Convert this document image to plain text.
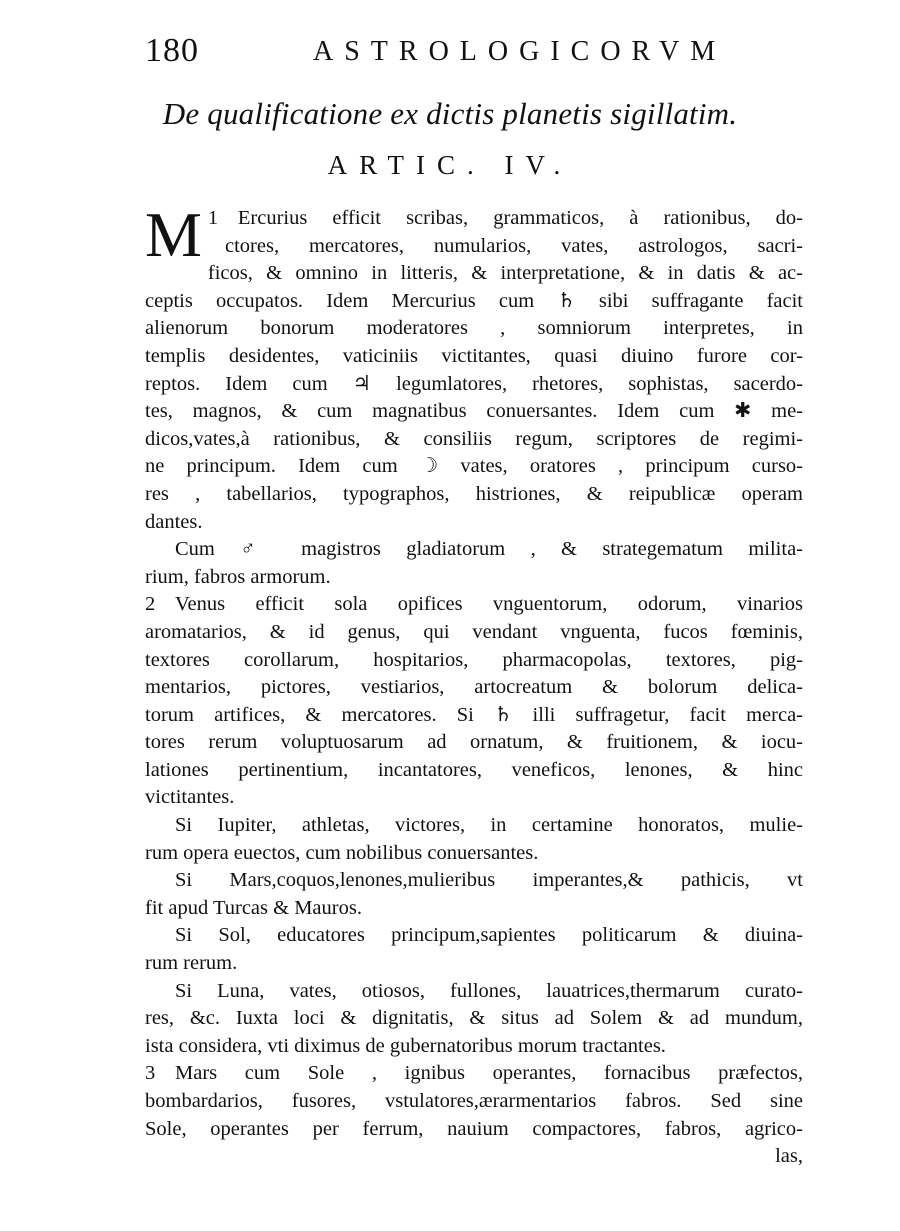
180	ASTROLOGICORVM
De qualificatione ex dictis planetis sigillatim.
ARTIC. IV.
1
M Ercurius efficit scribas, grammaticos, à rationibus, do-
ctores, mercatores, numularios, vates, astrologos, sacri-
ficos, & omnino in litteris, & interpretatione, & in datis & ac-
ceptis occupatos. Idem Mercurius cum ♄ sibi suffragante facit
alienorum bonorum moderatores , somniorum interpretes, in
templis desidentes, vaticiniis victitantes, quasi diuino furore cor-
reptos. Idem cum ♃ legumlatores, rhetores, sophistas, sacerdo-
tes, magnos, & cum magnatibus conuersantes. Idem cum ✱ me-
dicos,vates,à rationibus, & consiliis regum, scriptores de regimi-
ne principum. Idem cum ☽ vates, oratores , principum curso-
res , tabellarios, typographos, histriones, & reipublicæ operam
dantes.
Cum ♂ magistros gladiatorum , & strategematum milita-
rium, fabros armorum.
2 Venus efficit sola opifices vnguentorum, odorum, vinarios
aromatarios, & id genus, qui vendant vnguenta, fucos fœminis,
textores corollarum, hospitarios, pharmacopolas, textores, pig-
mentarios, pictores, vestiarios, artocreatum & bolorum delica-
torum artifices, & mercatores. Si ♄ illi suffragetur, facit merca-
tores rerum voluptuosarum ad ornatum, & fruitionem, & iocu-
lationes pertinentium, incantatores, veneficos, lenones, & hinc
victitantes.
Si Iupiter, athletas, victores, in certamine honoratos, mulie-
rum opera euectos, cum nobilibus conuersantes.
Si Mars,coquos,lenones,mulieribus imperantes,& pathicis, vt
fit apud Turcas & Mauros.
Si Sol, educatores principum,sapientes politicarum & diuina-
rum rerum.
Si Luna, vates, otiosos, fullones, lauatrices,thermarum curato-
res, &c. Iuxta loci & dignitatis, & situs ad Solem & ad mundum,
ista considera, vti diximus de gubernatoribus morum tractantes.
3 Mars cum Sole , ignibus operantes, fornacibus præfectos,
bombardarios, fusores, vstulatores,ærarmentarios fabros. Sed sine
Sole, operantes per ferrum, nauium compactores, fabros, agrico-
las,
